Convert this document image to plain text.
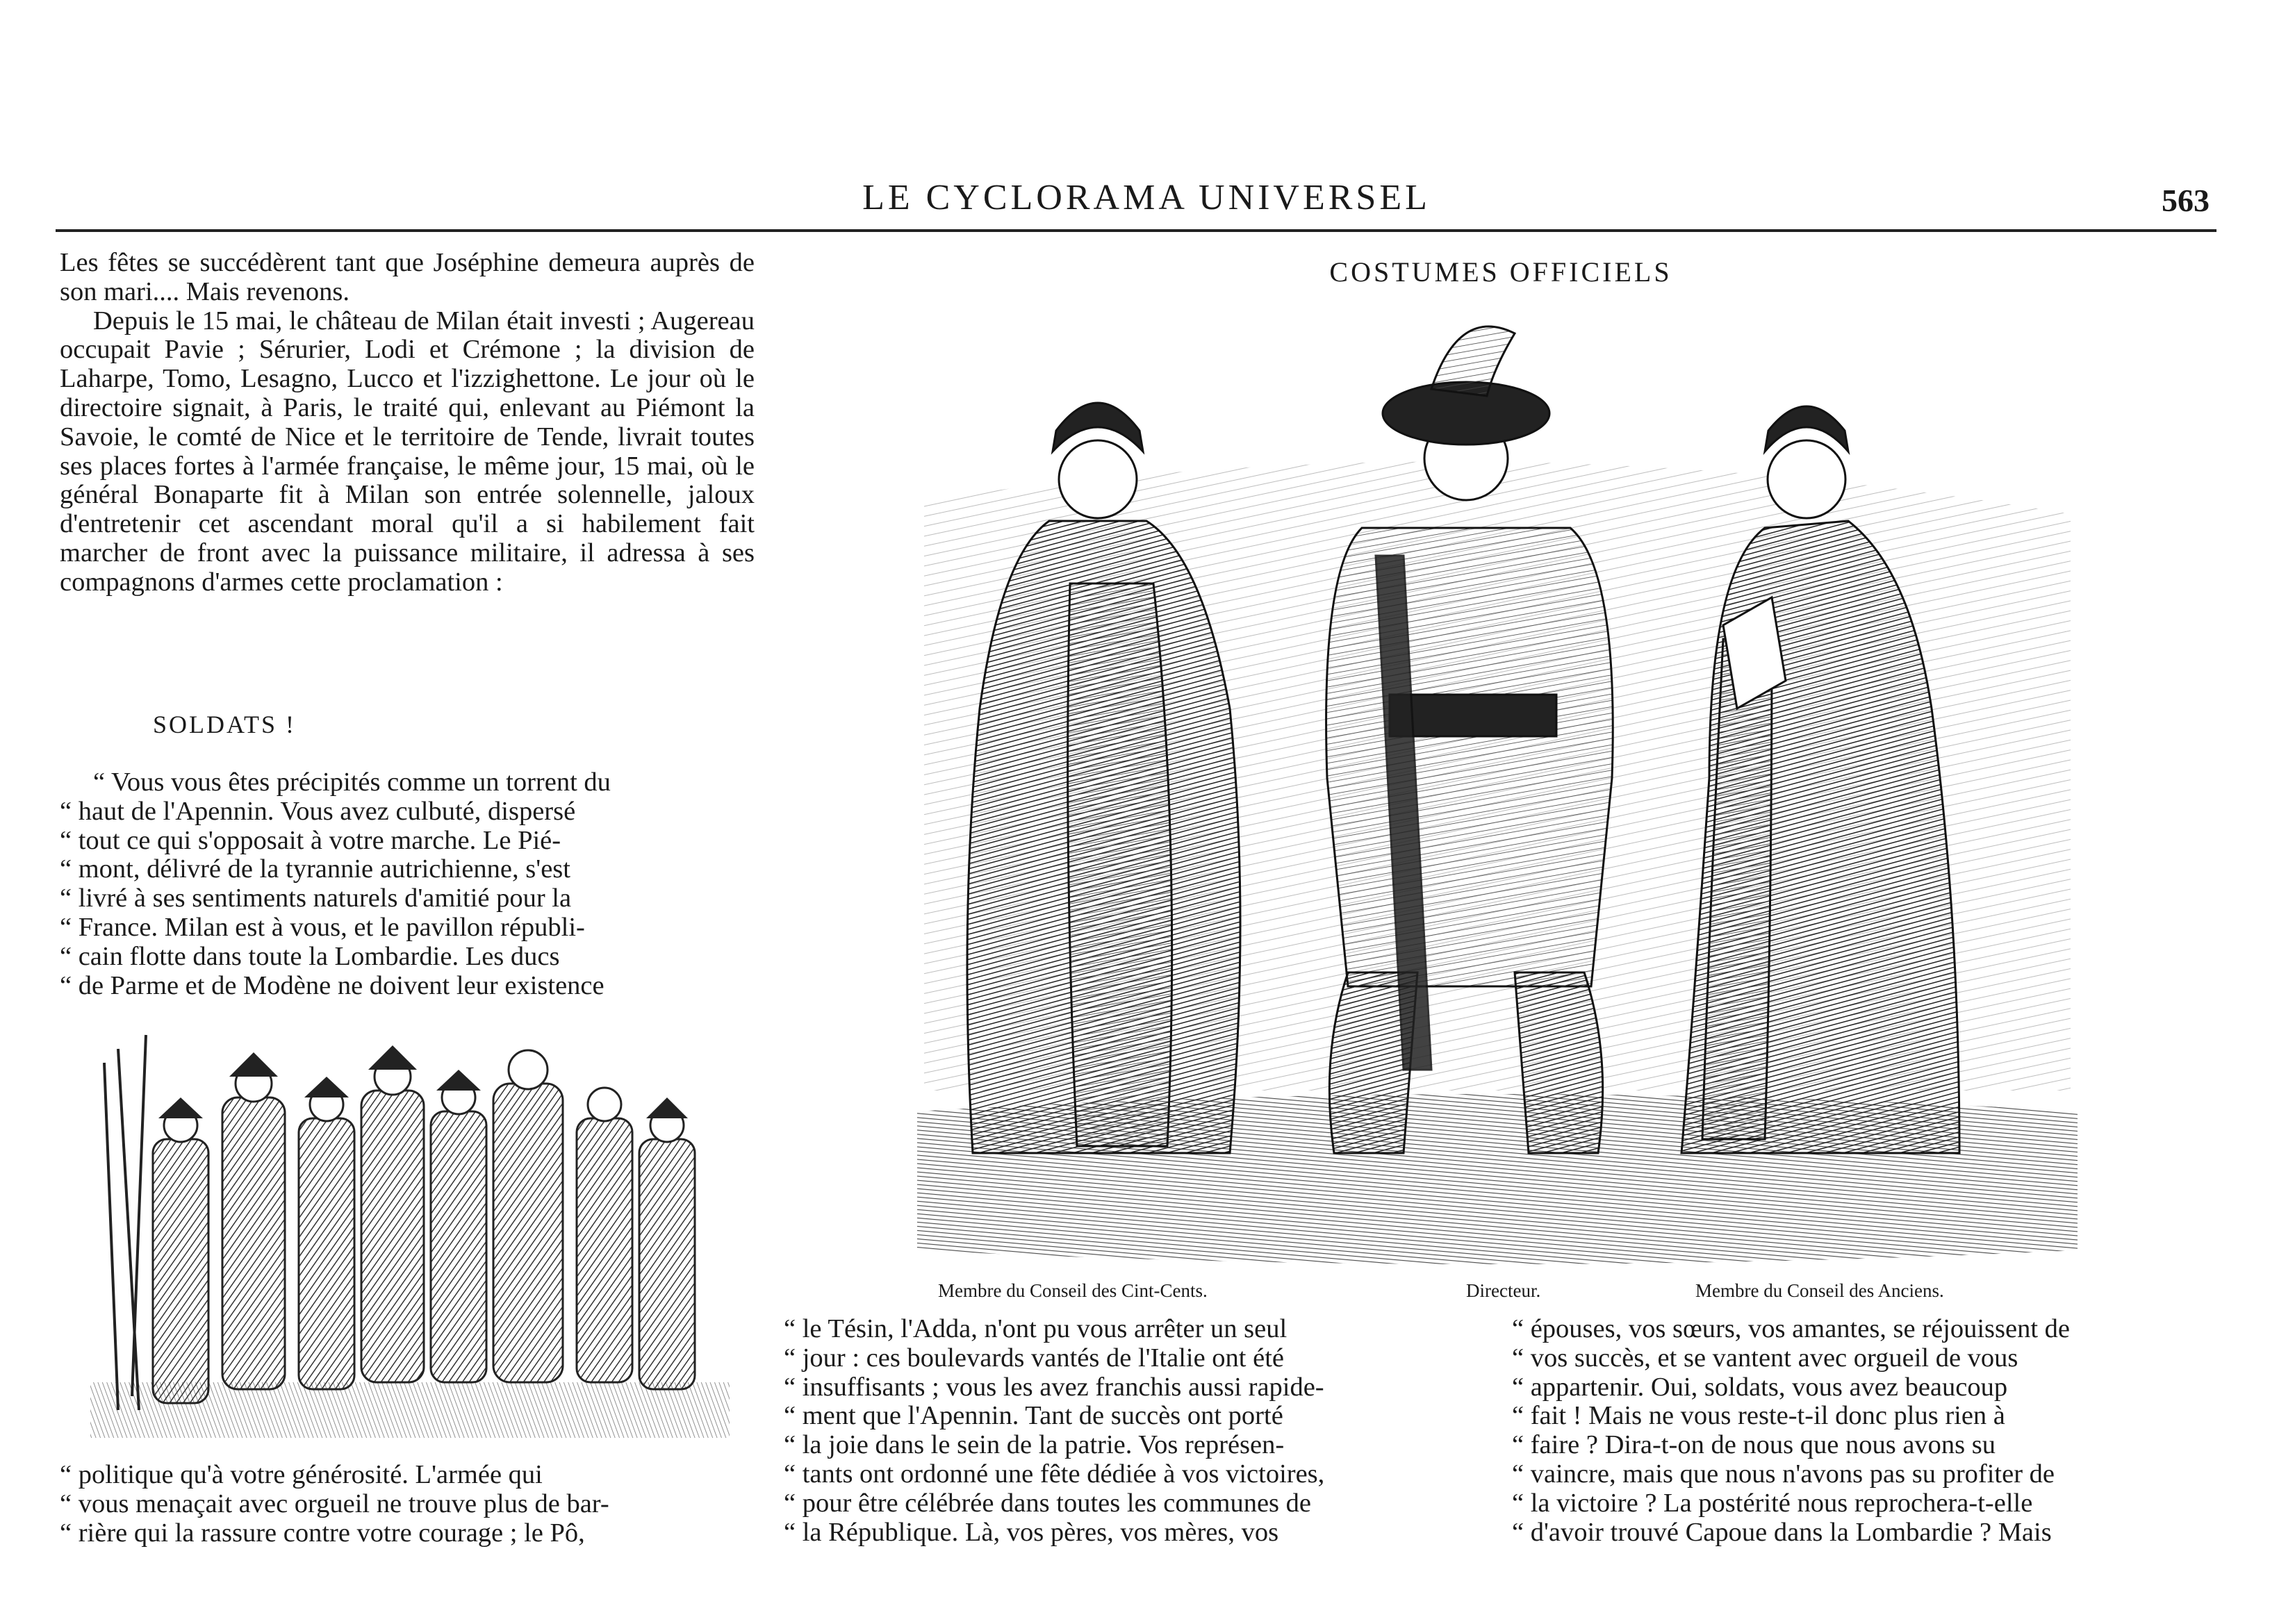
LE CYCLORAMA UNIVERSEL	563

Les fêtes se succédèrent tant que Joséphine demeura auprès de son mari.... Mais revenons.

Depuis le 15 mai, le château de Milan était investi ; Augereau occupait Pavie ; Sérurier, Lodi et Crémone ; la division de Laharpe, Tomo, Lesagno, Lucco et l'izzighettone. Le jour où le directoire signait, à Paris, le traité qui, enlevant au Piémont la Savoie, le comté de Nice et le territoire de Tende, livrait toutes ses places fortes à l'armée française, le même jour, 15 mai, où le général Bonaparte fit à Milan son entrée solennelle, jaloux d'entretenir cet ascendant moral qu'il a si habilement fait marcher de front avec la puissance militaire, il adressa à ses compagnons d'armes cette proclamation :

SOLDATS !
“ Vous vous êtes précipités comme un torrent du
“ haut de l'Apennin. Vous avez culbuté, dispersé
“ tout ce qui s'opposait à votre marche. Le Pié-
“ mont, délivré de la tyrannie autrichienne, s'est
“ livré à ses sentiments naturels d'amitié pour la
“ France. Milan est à vous, et le pavillon républi-
“ cain flotte dans toute la Lombardie. Les ducs
“ de Parme et de Modène ne doivent leur existence
“ politique qu'à votre générosité. L'armée qui
“ vous menaçait avec orgueil ne trouve plus de bar-
“ rière qui la rassure contre votre courage ; le Pô,
COSTUMES OFFICIELS
Membre du Conseil des Cint-Cents.	Directeur.	Membre du Conseil des Anciens.
“ le Tésin, l'Adda, n'ont pu vous arrêter un seul
“ jour : ces boulevards vantés de l'Italie ont été
“ insuffisants ; vous les avez franchis aussi rapide-
“ ment que l'Apennin. Tant de succès ont porté
“ la joie dans le sein de la patrie. Vos représen-
“ tants ont ordonné une fête dédiée à vos victoires,
“ pour être célébrée dans toutes les communes de
“ la République. Là, vos pères, vos mères, vos
“ épouses, vos sœurs, vos amantes, se réjouissent de
“ vos succès, et se vantent avec orgueil de vous
“ appartenir. Oui, soldats, vous avez beaucoup
“ fait ! Mais ne vous reste-t-il donc plus rien à
“ faire ? Dira-t-on de nous que nous avons su
“ vaincre, mais que nous n'avons pas su profiter de
“ la victoire ? La postérité nous reprochera-t-elle
“ d'avoir trouvé Capoue dans la Lombardie ? Mais
